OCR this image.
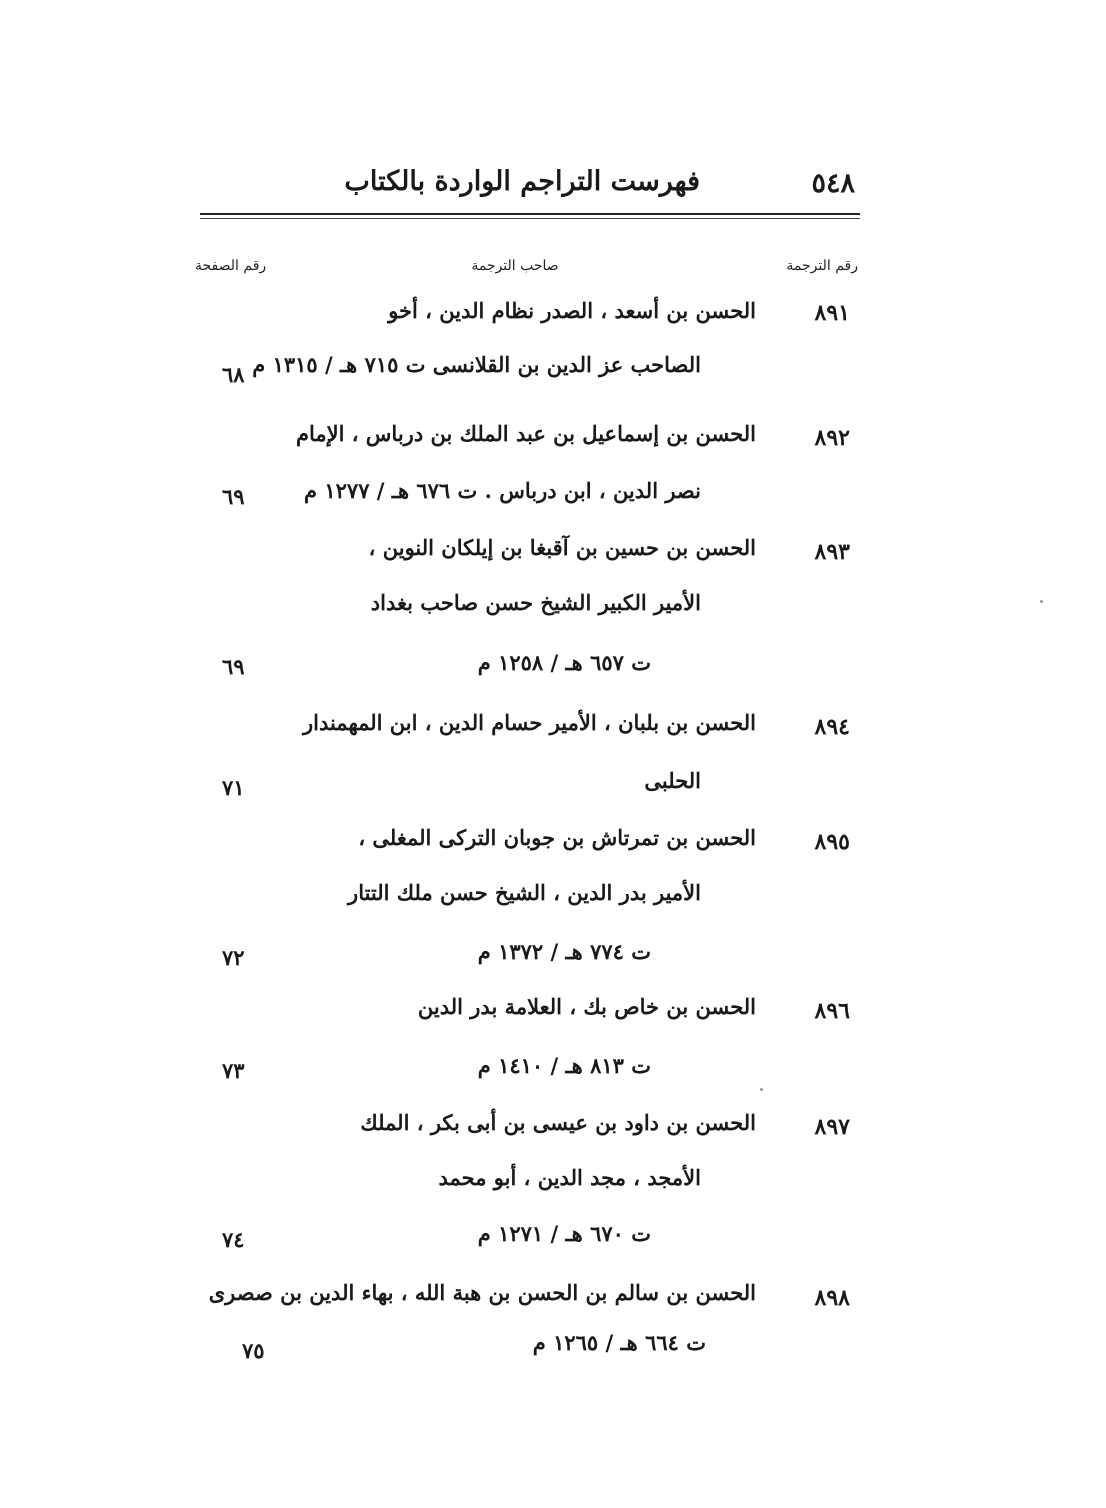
٥٤٨
فهرست التراجم الواردة بالكتاب
رقم الترجمة
صاحب الترجمة
رقم الصفحة
٨٩١
الحسن بن أسعد ، الصدر نظام الدين ، أخو
الصاحب عز الدين بن القلانسى ت ٧١٥ هـ / ١٣١٥ م
٦٨
٨٩٢
الحسن بن إسماعيل بن عبد الملك بن درباس ، الإمام
نصر الدين ، ابن درباس . ت ٦٧٦ هـ / ١٢٧٧ م
٦٩
٨٩٣
الحسن بن حسين بن آقبغا بن إيلكان النوين ،
الأمير الكبير الشيخ حسن صاحب بغداد
ت ٦٥٧ هـ / ١٢٥٨ م
٦٩
٨٩٤
الحسن بن بلبان ، الأمير حسام الدين ، ابن المهمندار
الحلبى
٧١
٨٩٥
الحسن بن تمرتاش بن جوبان التركى المغلى ،
الأمير بدر الدين ، الشيخ حسن ملك التتار
ت ٧٧٤ هـ / ١٣٧٢ م
٧٢
٨٩٦
الحسن بن خاص بك ، العلامة بدر الدين
ت ٨١٣ هـ / ١٤١٠ م
٧٣
٨٩٧
الحسن بن داود بن عيسى بن أبى بكر ، الملك
الأمجد ، مجد الدين ، أبو محمد
ت ٦٧٠ هـ / ١٢٧١ م
٧٤
٨٩٨
الحسن بن سالم بن الحسن بن هبة الله ، بهاء الدين بن صصرى
ت ٦٦٤ هـ / ١٢٦٥ م
٧٥
